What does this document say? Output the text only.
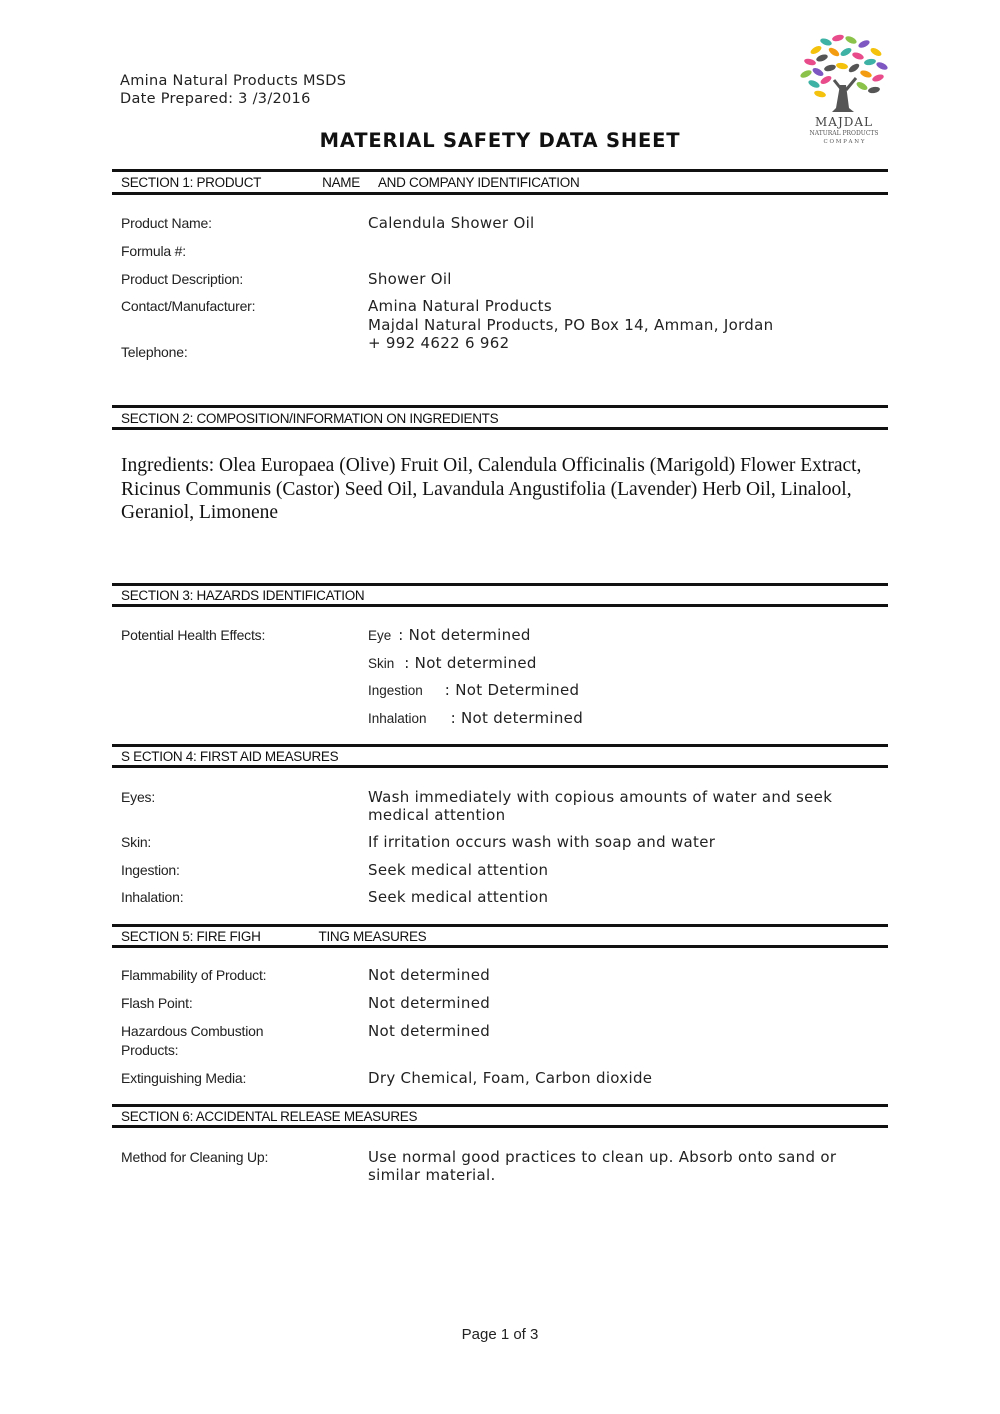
Amina Natural Products MSDS
Date Prepared: 3 /3/2016
MAJDAL
NATURAL PRODUCTS
C O M P A N Y
MATERIAL SAFETY DATA SHEET
SECTION 1: PRODUCT	NAME AND COMPANY IDENTIFICATION
Product Name:	Calendula Shower Oil
Formula #:
Product Description:	Shower Oil
Contact/Manufacturer:	Amina Natural Products
Majdal Natural Products, PO Box 14, Amman, Jordan
Telephone:	+ 992 4622 6 962
SECTION 2: COMPOSITION/INFORMATION ON INGREDIENTS
Ingredients: Olea Europaea (Olive) Fruit Oil, Calendula Officinalis (Marigold) Flower Extract, Ricinus Communis (Castor) Seed Oil, Lavandula Angustifolia (Lavender) Herb Oil, Linalool, Geraniol, Limonene
SECTION 3: HAZARDS IDENTIFICATION
Potential Health Effects:	Eye : Not determined
Skin : Not determined
Ingestion : Not Determined
Inhalation : Not determined
S ECTION 4: FIRST AID MEASURES
Eyes:	Wash immediately with copious amounts of water and seek
medical attention
Skin:	If irritation occurs wash with soap and water
Ingestion:	Seek medical attention
Inhalation:	Seek medical attention
SECTION 5: FIRE FIGH	TING MEASURES
Flammability of Product:	Not determined
Flash Point:	Not determined
Hazardous Combustion
Products:
Not determined
Extinguishing Media:	Dry Chemical, Foam, Carbon dioxide
SECTION 6: ACCIDENTAL RELEASE MEASURES
Method for Cleaning Up:	Use normal good practices to clean up. Absorb onto sand or
similar material.
Page 1 of 3
